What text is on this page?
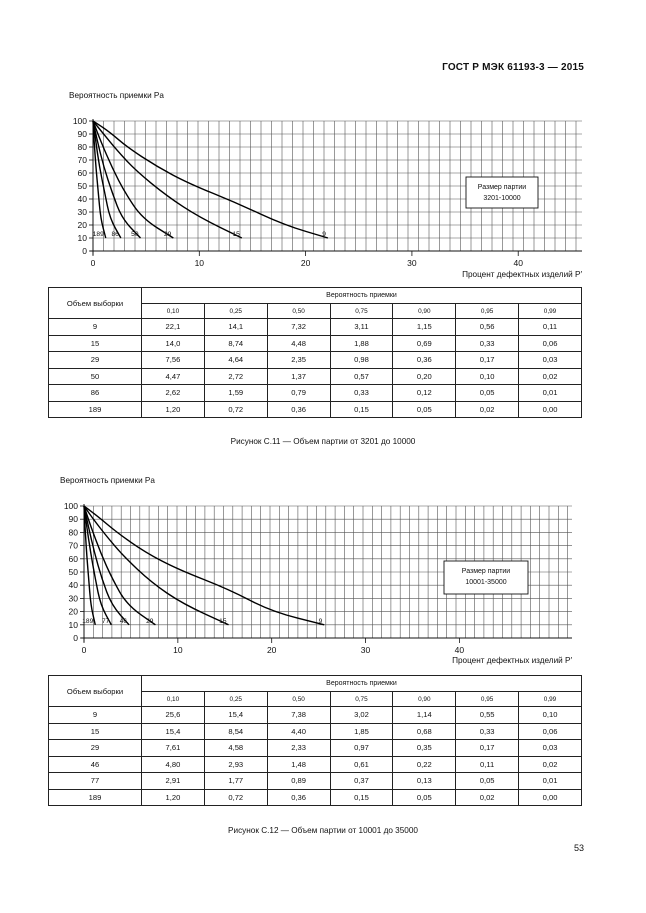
ГОСТ Р МЭК 61193-3 — 2015
0
10
20
30
40
50
60
70
80
90
100
0	10	20	30	40
Вероятность приемки Pa
Процент дефектных изделий P′
Размер партии
3201-10000
9
15
29
50
86
189
Объем выборки	Вероятность приемки						
	0,10	0,25	0,50	0,75	0,90	0,95	0,99
9	22,1	14,1	7,32	3,11	1,15	0,56	0,11
15	14,0	8,74	4,48	1,88	0,69	0,33	0,06
29	7,56	4,64	2,35	0,98	0,36	0,17	0,03
50	4,47	2,72	1,37	0,57	0,20	0,10	0,02
86	2,62	1,59	0,79	0,33	0,12	0,05	0,01
189	1,20	0,72	0,36	0,15	0,05	0,02	0,00
Рисунок С.11 — Объем партии от 3201 до 10000
0
10
20
30
40
50
60
70
80
90
100
0	10	20	30	40
Вероятность приемки Pa
Процент дефектных изделий P′
Размер партии
10001-35000
9
15
29
46
77
189
Объем выборки	Вероятность приемки						
	0,10	0,25	0,50	0,75	0,90	0,95	0,99
9	25,6	15,4	7,38	3,02	1,14	0,55	0,10
15	15,4	8,54	4,40	1,85	0,68	0,33	0,06
29	7,61	4,58	2,33	0,97	0,35	0,17	0,03
46	4,80	2,93	1,48	0,61	0,22	0,11	0,02
77	2,91	1,77	0,89	0,37	0,13	0,05	0,01
189	1,20	0,72	0,36	0,15	0,05	0,02	0,00
Рисунок С.12 — Объем партии от 10001 до 35000
53
